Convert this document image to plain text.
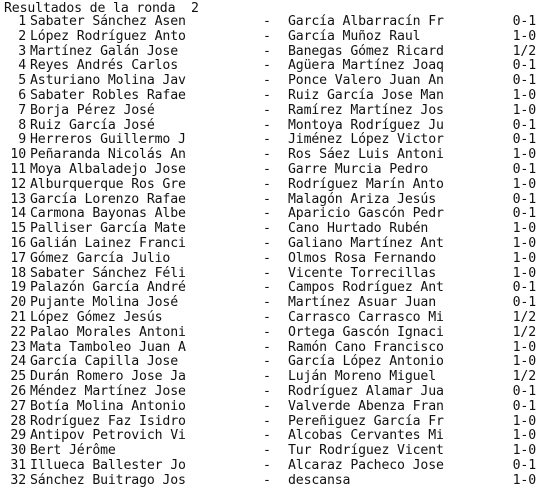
Resultados de la ronda  2
1 Sabater Sánchez Asen	- García Albarracín Fr	0-1
2 López Rodríguez Anto	- García Muñoz Raul	1-0
3 Martínez Galán Jose	- Banegas Gómez Ricard	1/2
4 Reyes Andrés Carlos	- Agüera Martínez Joaq	0-1
5 Asturiano Molina Jav	- Ponce Valero Juan An	0-1
6 Sabater Robles Rafae	- Ruiz García Jose Man	1-0
7 Borja Pérez José	- Ramírez Martínez Jos	1-0
8 Ruiz García José	- Montoya Rodríguez Ju	0-1
9 Herreros Guillermo J	- Jiménez López Victor	0-1
10 Peñaranda Nicolás An	- Ros Sáez Luis Antoni	1-0
11 Moya Albaladejo Jose	- Garre Murcia Pedro	0-1
12 Alburquerque Ros Gre	- Rodríguez Marín Anto	1-0
13 García Lorenzo Rafae	- Malagón Ariza Jesús	0-1
14 Carmona Bayonas Albe	- Aparicio Gascón Pedr	0-1
15 Palliser García Mate	- Cano Hurtado Rubén	1-0
16 Galián Lainez Franci	- Galiano Martínez Ant	1-0
17 Gómez García Julio	- Olmos Rosa Fernando	1-0
18 Sabater Sánchez Féli	- Vicente Torrecillas	1-0
19 Palazón García André	- Campos Rodríguez Ant	0-1
20 Pujante Molina José	- Martínez Asuar Juan	0-1
21 López Gómez Jesús	- Carrasco Carrasco Mi	1/2
22 Palao Morales Antoni	- Ortega Gascón Ignaci	1/2
23 Mata Tamboleo Juan A	- Ramón Cano Francisco	1-0
24 García Capilla Jose	- García López Antonio	1-0
25 Durán Romero Jose Ja	- Luján Moreno Miguel	1/2
26 Méndez Martínez Jose	- Rodríguez Alamar Jua	0-1
27 Botía Molina Antonio	- Valverde Abenza Fran	0-1
28 Rodríguez Faz Isidro	- Pereñiguez García Fr	1-0
29 Antipov Petrovich Vi	- Alcobas Cervantes Mi	1-0
30 Bert Jérôme	- Tur Rodríguez Vicent	1-0
31 Illueca Ballester Jo	- Alcaraz Pacheco Jose	0-1
32 Sánchez Buitrago Jos	- descansa	1-0
